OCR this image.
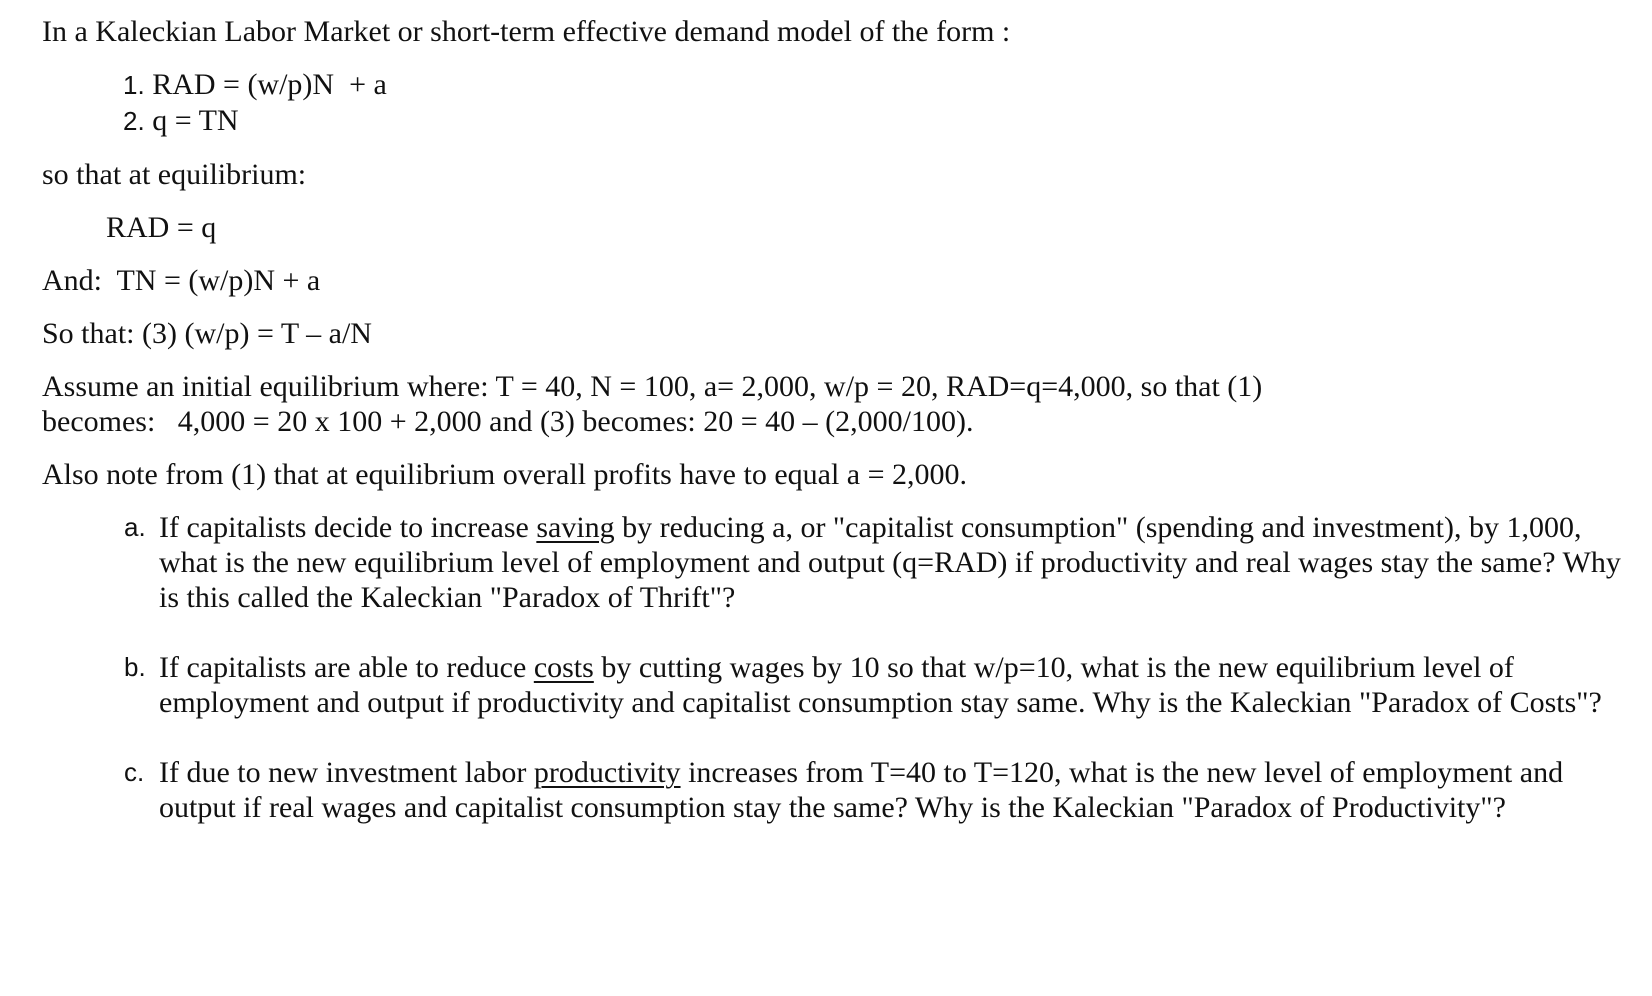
In a Kaleckian Labor Market or short-term effective demand model of the form :

1. RAD = (w/p)N  + a
2. q = TN

so that at equilibrium:

RAD = q

And:  TN = (w/p)N + a

So that: (3) (w/p) = T – a/N

Assume an initial equilibrium where: T = 40, N = 100, a= 2,000, w/p = 20, RAD=q=4,000, so that (1)
becomes:   4,000 = 20 x 100 + 2,000 and (3) becomes: 20 = 40 – (2,000/100).

Also note from (1) that at equilibrium overall profits have to equal a = 2,000.

a. If capitalists decide to increase saving by reducing a, or "capitalist consumption" (spending and investment), by 1,000, what is the new equilibrium level of employment and output (q=RAD) if productivity and real wages stay the same? Why is this called the Kaleckian "Paradox of Thrift"?
b. If capitalists are able to reduce costs by cutting wages by 10 so that w/p=10, what is the new equilibrium level of employment and output if productivity and capitalist consumption stay same. Why is the Kaleckian "Paradox of Costs"?
c. If due to new investment labor productivity increases from T=40 to T=120, what is the new level of employment and output if real wages and capitalist consumption stay the same? Why is the Kaleckian "Paradox of Productivity"?
